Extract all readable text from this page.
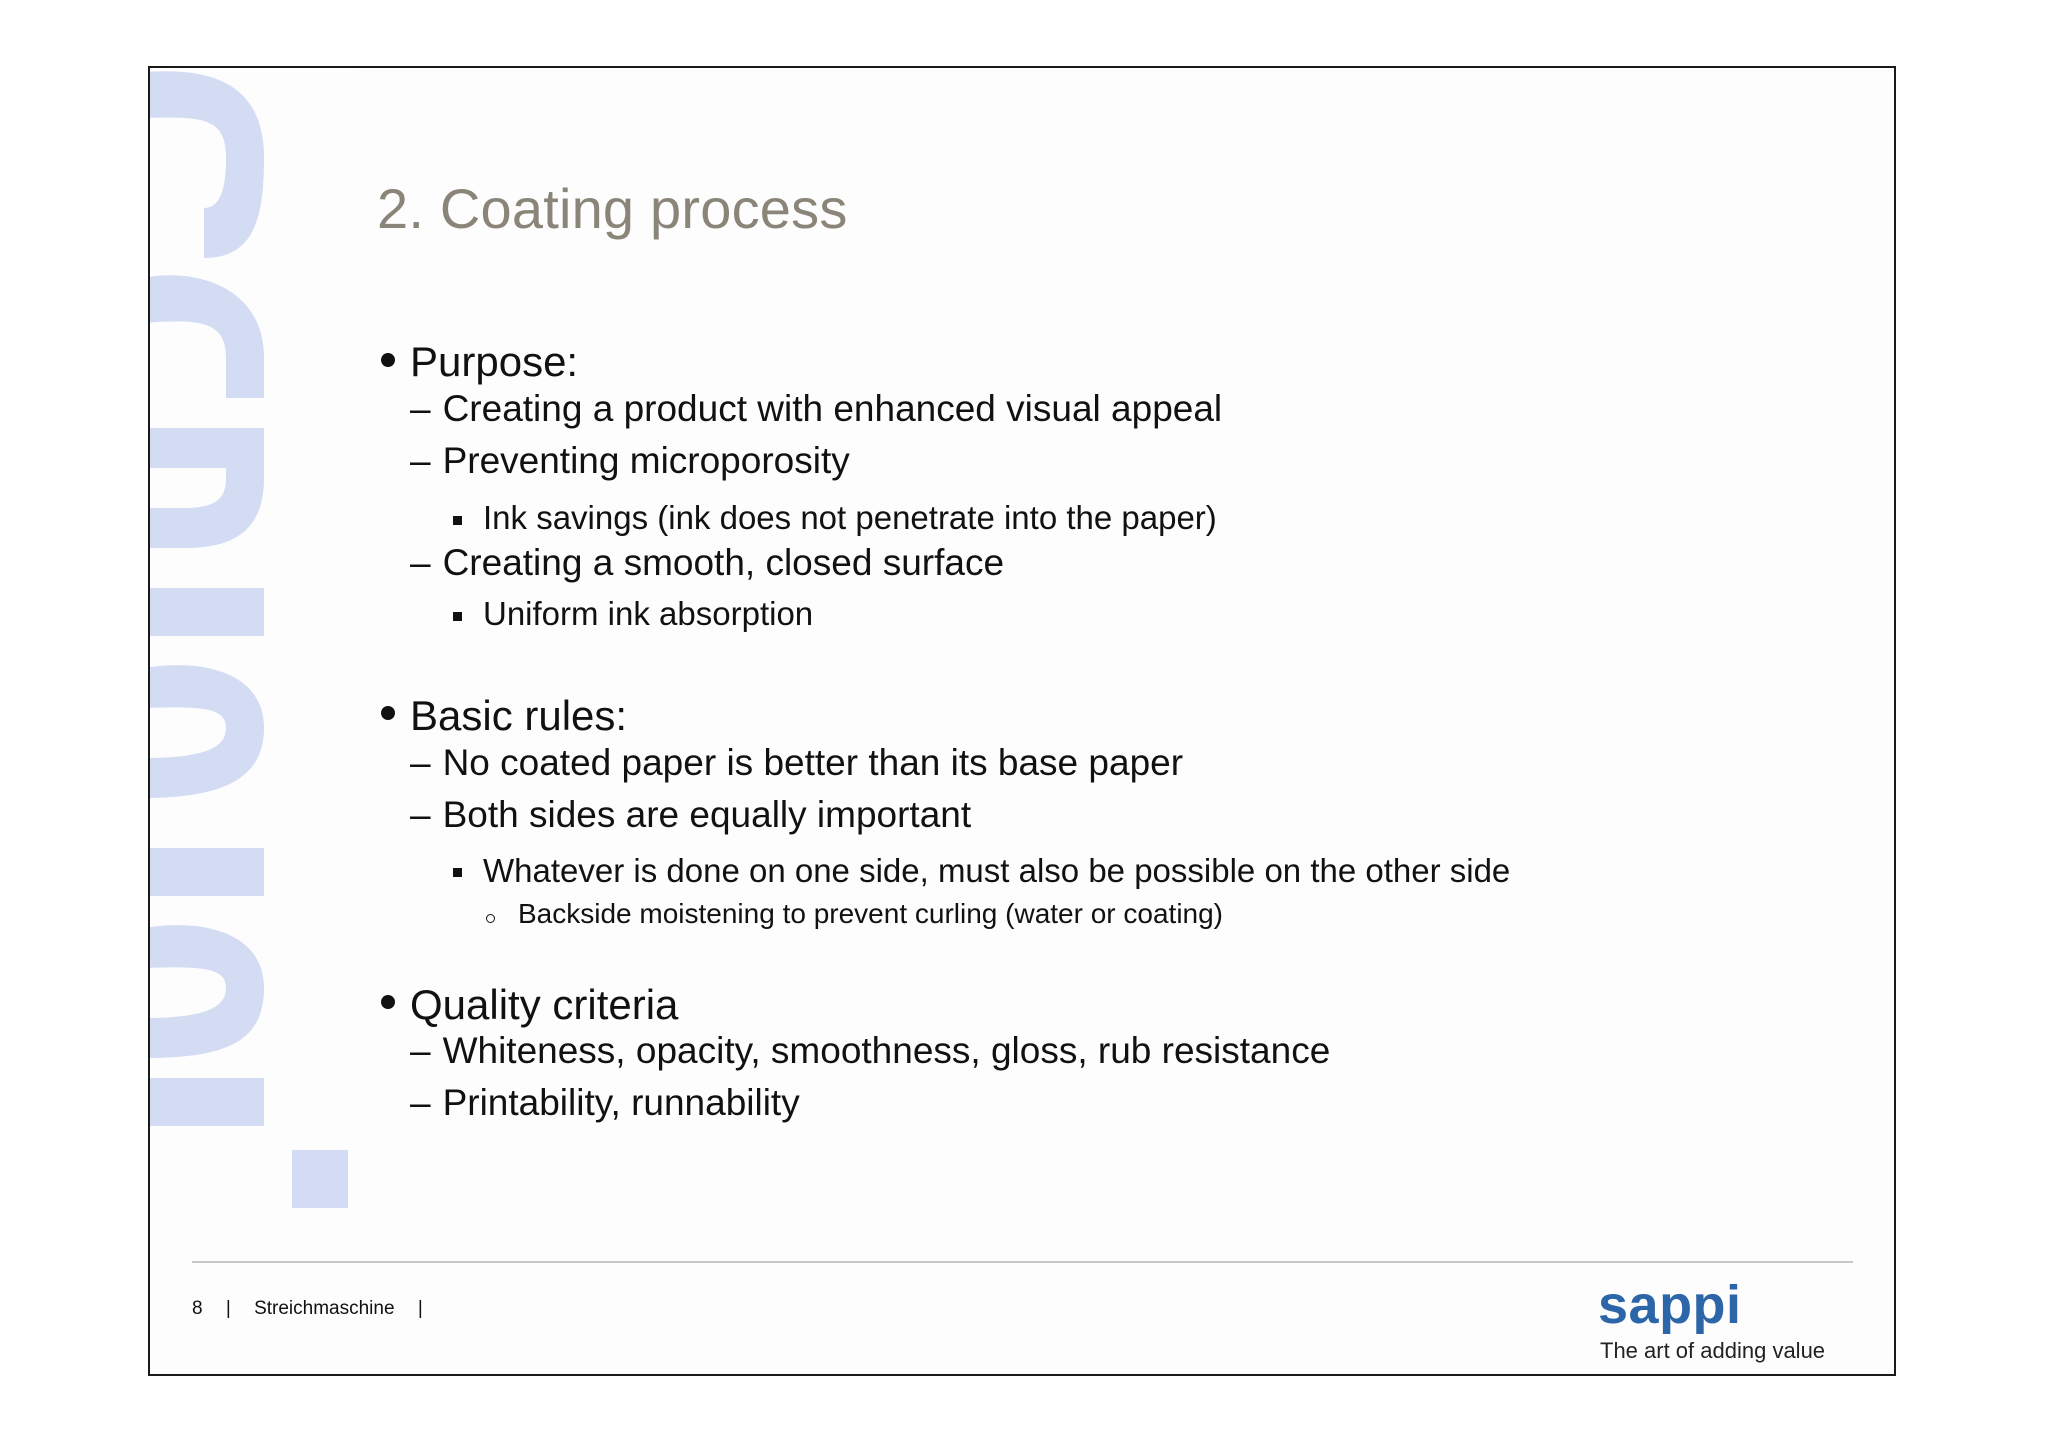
2. Coating process
Purpose:
– Creating a product with enhanced visual appeal
– Preventing microporosity
Ink savings (ink does not penetrate into the paper)
– Creating a smooth, closed surface
Uniform ink absorption
Basic rules:
– No coated paper is better than its base paper
– Both sides are equally important
Whatever is done on one side, must also be possible on the other side
Backside moistening to prevent curling (water or coating)
Quality criteria
– Whiteness, opacity, smoothness, gloss, rub resistance
– Printability, runnability
8 | Streichmaschine |	sappi
The art of adding value
